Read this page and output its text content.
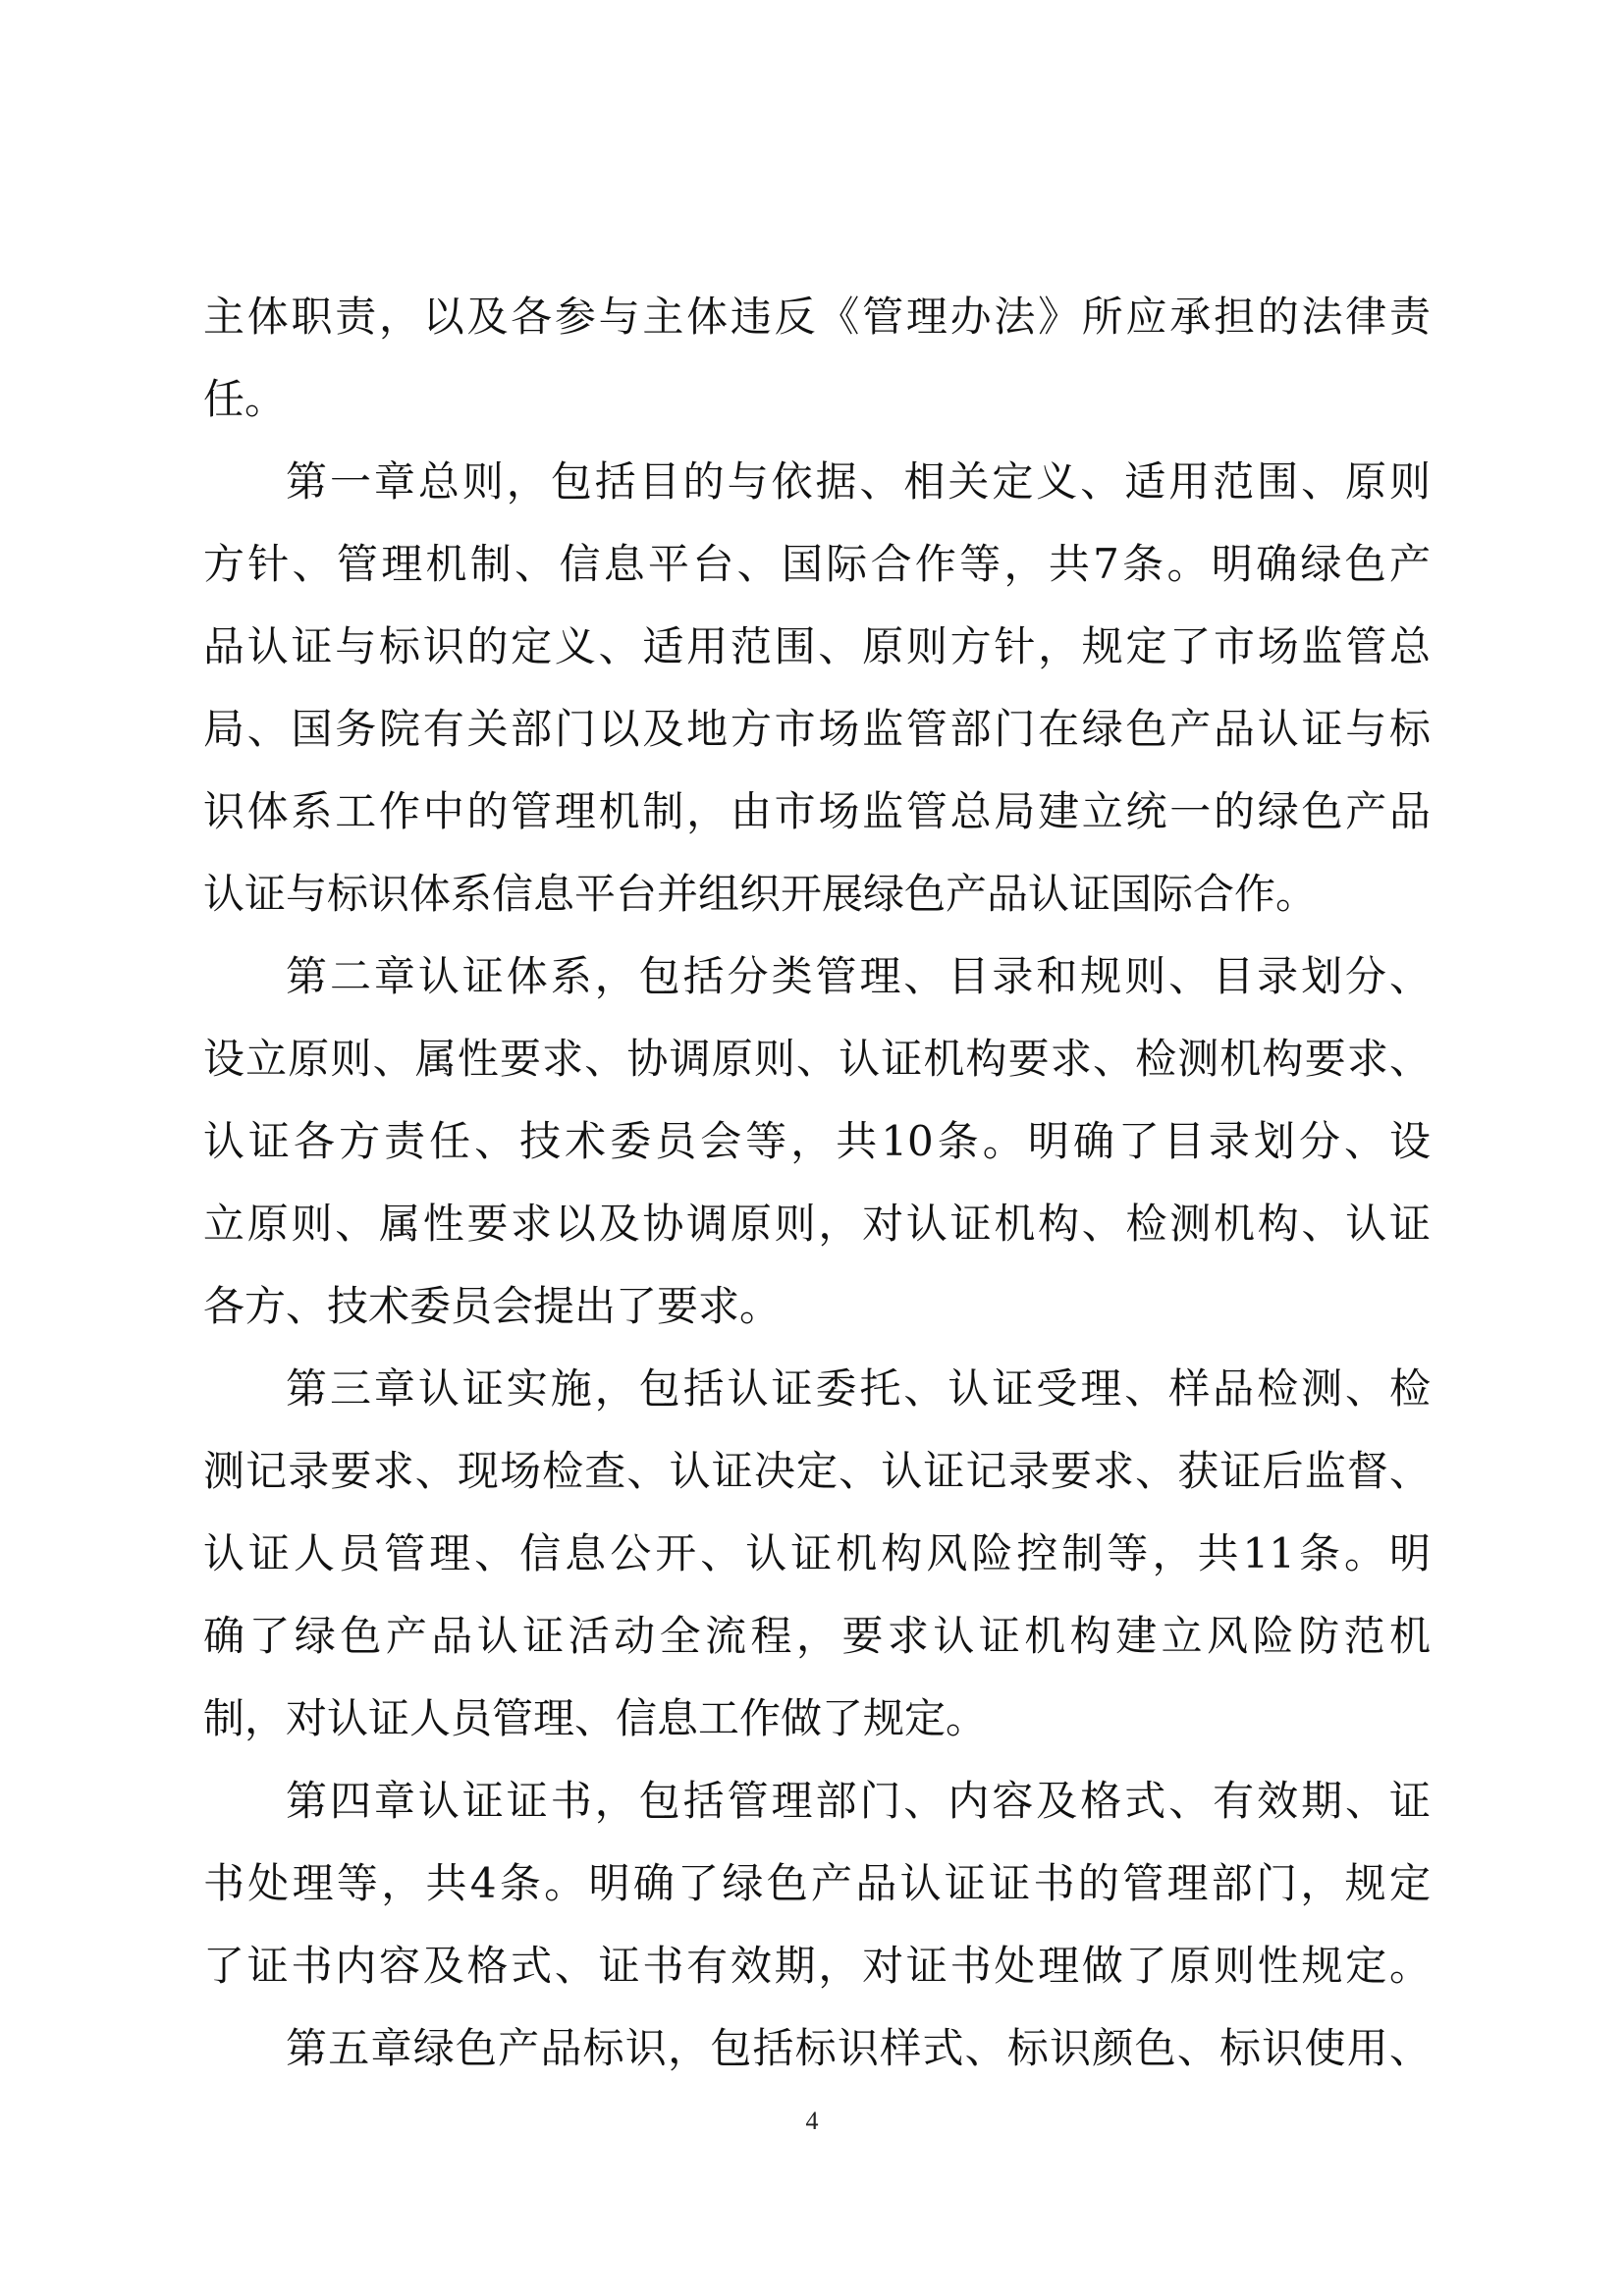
主体职责，以及各参与主体违反《管理办法》所应承担的法律责
任。
第一章总则，包括目的与依据、相关定义、适用范围、原则
方针、管理机制、信息平台、国际合作等，共7条。明确绿色产
品认证与标识的定义、适用范围、原则方针，规定了市场监管总
局、国务院有关部门以及地方市场监管部门在绿色产品认证与标
识体系工作中的管理机制，由市场监管总局建立统一的绿色产品
认证与标识体系信息平台并组织开展绿色产品认证国际合作。
第二章认证体系，包括分类管理、目录和规则、目录划分、
设立原则、属性要求、协调原则、认证机构要求、检测机构要求、
认证各方责任、技术委员会等，共10条。明确了目录划分、设
立原则、属性要求以及协调原则，对认证机构、检测机构、认证
各方、技术委员会提出了要求。
第三章认证实施，包括认证委托、认证受理、样品检测、检
测记录要求、现场检查、认证决定、认证记录要求、获证后监督、
认证人员管理、信息公开、认证机构风险控制等，共11条。明
确了绿色产品认证活动全流程，要求认证机构建立风险防范机
制，对认证人员管理、信息工作做了规定。
第四章认证证书，包括管理部门、内容及格式、有效期、证
书处理等，共4条。明确了绿色产品认证证书的管理部门，规定
了证书内容及格式、证书有效期，对证书处理做了原则性规定。
第五章绿色产品标识，包括标识样式、标识颜色、标识使用、
4
